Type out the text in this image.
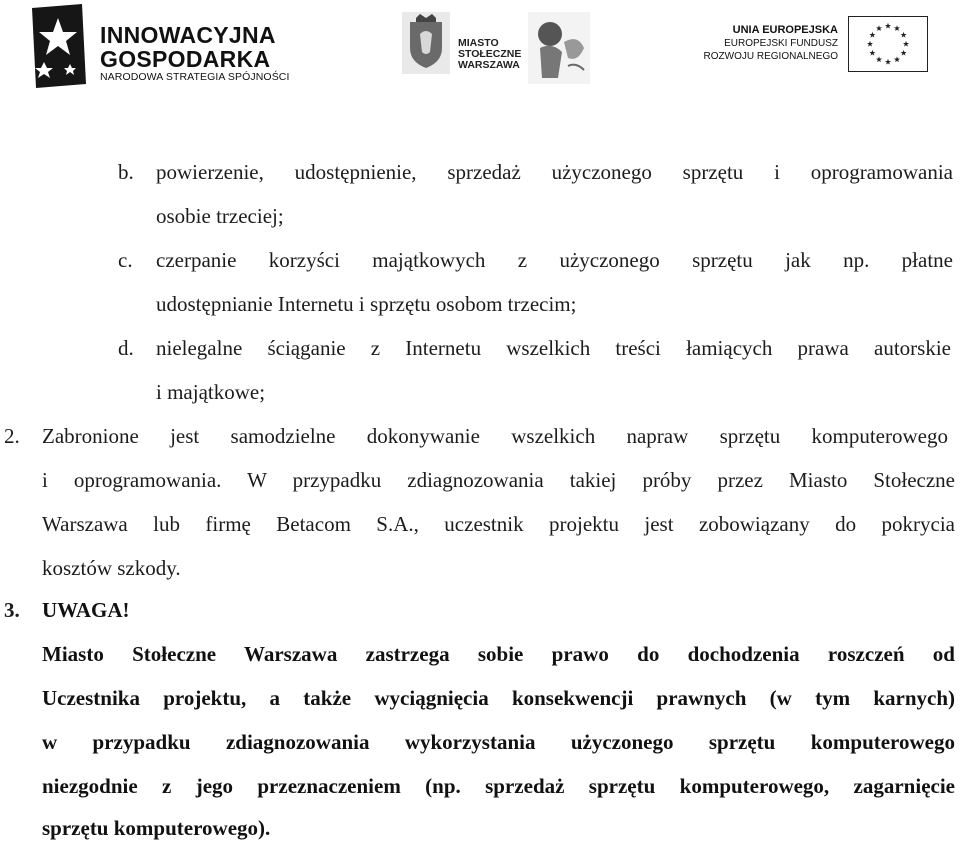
INNOWACYJNA
GOSPODARKA
NARODOWA STRATEGIA SPÓJNOŚCI
MIASTO
STOŁECZNE
WARSZAWA
UNIA EUROPEJSKA
EUROPEJSKI FUNDUSZ
ROZWOJU REGIONALNEGO
b. powierzenie, udostępnienie, sprzedaż użyczonego sprzętu i oprogramowania
osobie trzeciej;
c. czerpanie korzyści majątkowych z użyczonego sprzętu jak np. płatne
udostępnianie Internetu i sprzętu osobom trzecim;
d. nielegalne ściąganie z Internetu wszelkich treści łamiących prawa autorskie
i majątkowe;
2. Zabronione jest samodzielne dokonywanie wszelkich napraw sprzętu komputerowego
i oprogramowania. W przypadku zdiagnozowania takiej próby przez Miasto Stołeczne
Warszawa lub firmę Betacom S.A., uczestnik projektu jest zobowiązany do pokrycia
kosztów szkody.
3. UWAGA!
Miasto Stołeczne Warszawa zastrzega sobie prawo do dochodzenia roszczeń od
Uczestnika projektu, a także wyciągnięcia konsekwencji prawnych (w tym karnych)
w przypadku zdiagnozowania wykorzystania użyczonego sprzętu komputerowego
niezgodnie z jego przeznaczeniem (np. sprzedaż sprzętu komputerowego, zagarnięcie
sprzętu komputerowego).
